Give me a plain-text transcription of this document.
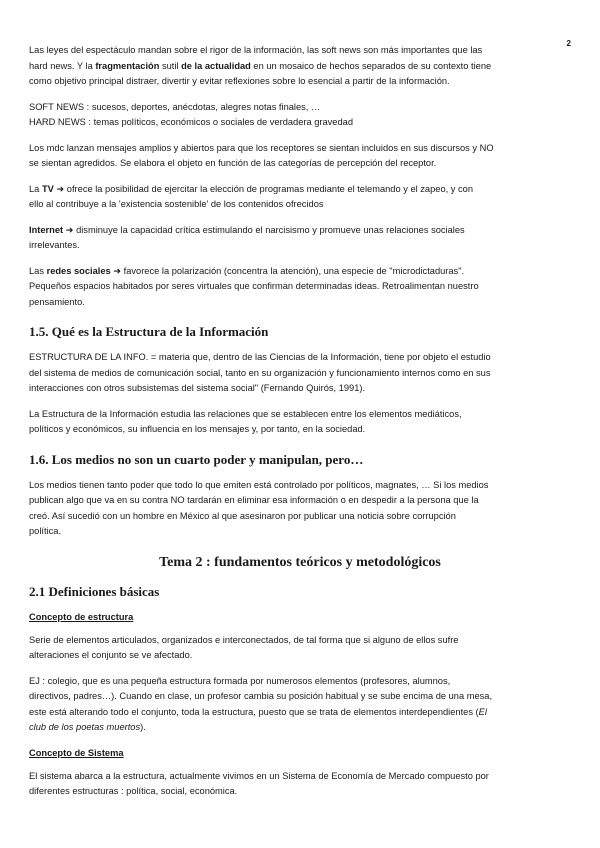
2

Las leyes del espectáculo mandan sobre el rigor de la información, las soft news son más importantes que las
hard news. Y la fragmentación sutil de la actualidad en un mosaico de hechos separados de su contexto tiene
como objetivo principal distraer, divertir y evitar reflexiones sobre lo esencial a partir de la información.

SOFT NEWS : sucesos, deportes, anécdotas, alegres notas finales, …
HARD NEWS : temas políticos, económicos o sociales de verdadera gravedad

Los mdc lanzan mensajes amplios y abiertos para que los receptores se sientan incluidos en sus discursos y NO
se sientan agredidos. Se elabora el objeto en función de las categorías de percepción del receptor.

La TV ➜ ofrece la posibilidad de ejercitar la elección de programas mediante el telemando y el zapeo, y con
ello al contribuye a la 'existencia sostenible' de los contenidos ofrecidos

Internet ➜ disminuye la capacidad crítica estimulando el narcisismo y promueve unas relaciones sociales
irrelevantes.

Las redes sociales ➜ favorece la polarización (concentra la atención), una especie de "microdictaduras".
Pequeños espacios habitados por seres virtuales que confirman determinadas ideas. Retroalimentan nuestro
pensamiento.

1.5. Qué es la Estructura de la Información

ESTRUCTURA DE LA INFO. = materia que, dentro de las Ciencias de la Información, tiene por objeto el estudio
del sistema de medios de comunicación social, tanto en su organización y funcionamiento internos como en sus
interacciones con otros subsistemas del sistema social" (Fernando Quirós, 1991).

La Estructura de la Información estudia las relaciones que se establecen entre los elementos mediáticos,
políticos y económicos, su influencia en los mensajes y, por tanto, en la sociedad.

1.6. Los medios no son un cuarto poder y manipulan, pero…

Los medios tienen tanto poder que todo lo que emiten está controlado por políticos, magnates, … Si los medios
publican algo que va en su contra NO tardarán en eliminar esa información o en despedir a la persona que la
creó. Así sucedió con un hombre en México al que asesinaron por publicar una noticia sobre corrupción
política.

Tema 2 : fundamentos teóricos y metodológicos
2.1 Definiciones básicas
Concepto de estructura

Serie de elementos articulados, organizados e interconectados, de tal forma que si alguno de ellos sufre
alteraciones el conjunto se ve afectado.

EJ : colegio, que es una pequeña estructura formada por numerosos elementos (profesores, alumnos,
directivos, padres…). Cuando en clase, un profesor cambia su posición habitual y se sube encima de una mesa,
este está alterando todo el conjunto, toda la estructura, puesto que se trata de elementos interdependientes (El
club de los poetas muertos).

Concepto de Sistema

El sistema abarca a la estructura, actualmente vivimos en un Sistema de Economía de Mercado compuesto por
diferentes estructuras : política, social, económica.
